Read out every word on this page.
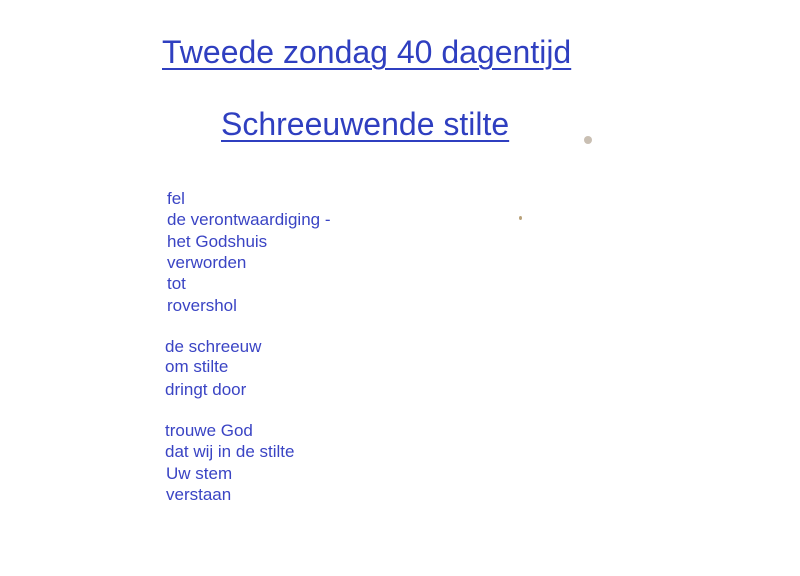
Tweede zondag 40 dagentijd
Schreeuwende stilte
fel
de verontwaardiging -
het Godshuis
verworden
tot
rovershol
de schreeuw
om stilte
dringt door
trouwe God
dat wij in de stilte
Uw stem
verstaan
